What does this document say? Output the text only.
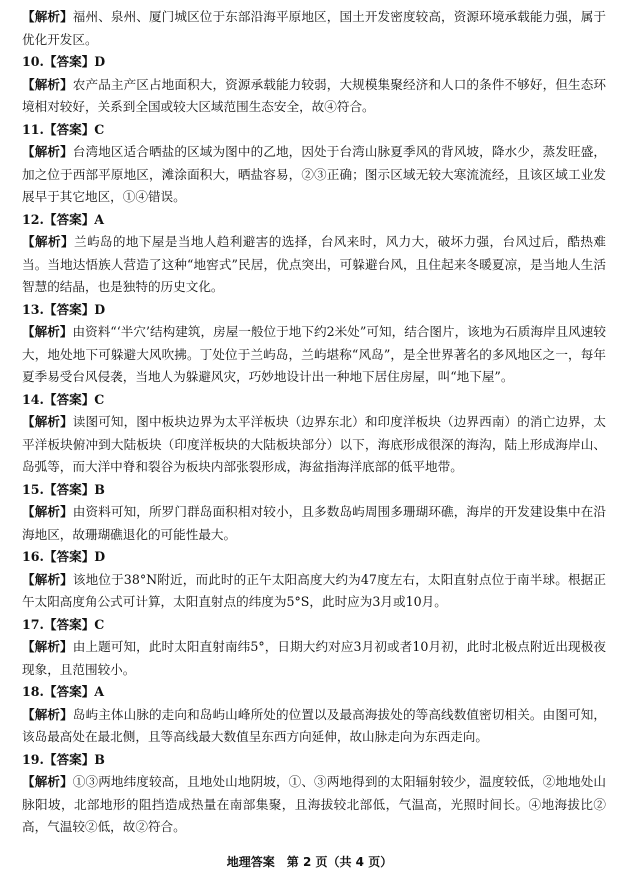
【解析】福州、泉州、厦门城区位于东部沿海平原地区，国土开发密度较高，资源环境承载能力强，属于优化开发区。
10.【答案】D
【解析】农产品主产区占地面积大，资源承载能力较弱，大规模集聚经济和人口的条件不够好，但生态环境相对较好，关系到全国或较大区域范围生态安全，故④符合。
11.【答案】C
【解析】台湾地区适合晒盐的区域为图中的乙地，因处于台湾山脉夏季风的背风坡，降水少，蒸发旺盛，加之位于西部平原地区，滩涂面积大，晒盐容易，②③正确；图示区域无较大寒流流经，且该区域工业发展早于其它地区，①④错误。
12.【答案】A
【解析】兰屿岛的地下屋是当地人趋利避害的选择，台风来时，风力大，破坏力强，台风过后，酷热难当。当地达悟族人营造了这种“地窖式”民居，优点突出，可躲避台风，且住起来冬暖夏凉，是当地人生活智慧的结晶，也是独特的历史文化。
13.【答案】D
【解析】由资料“‘半穴’结构建筑，房屋一般位于地下约2米处”可知，结合图片，该地为石质海岸且风速较大，地处地下可躲避大风吹拂。丁处位于兰屿岛，兰屿堪称“风岛”，是全世界著名的多风地区之一，每年夏季易受台风侵袭，当地人为躲避风灾，巧妙地设计出一种地下居住房屋，叫“地下屋”。
14.【答案】C
【解析】读图可知，图中板块边界为太平洋板块（边界东北）和印度洋板块（边界西南）的消亡边界，太平洋板块俯冲到大陆板块（印度洋板块的大陆板块部分）以下，海底形成很深的海沟，陆上形成海岸山、岛弧等，而大洋中脊和裂谷为板块内部张裂形成，海盆指海洋底部的低平地带。
15.【答案】B
【解析】由资料可知，所罗门群岛面积相对较小，且多数岛屿周围多珊瑚环礁，海岸的开发建设集中在沿海地区，故珊瑚礁退化的可能性最大。
16.【答案】D
【解析】该地位于38°N附近，而此时的正午太阳高度大约为47度左右，太阳直射点位于南半球。根据正午太阳高度角公式可计算，太阳直射点的纬度为5°S，此时应为3月或10月。
17.【答案】C
【解析】由上题可知，此时太阳直射南纬5°，日期大约对应3月初或者10月初，此时北极点附近出现极夜现象，且范围较小。
18.【答案】A
【解析】岛屿主体山脉的走向和岛屿山峰所处的位置以及最高海拔处的等高线数值密切相关。由图可知，该岛最高处在最北侧，且等高线最大数值呈东西方向延伸，故山脉走向为东西走向。
19.【答案】B
【解析】①③两地纬度较高，且地处山地阴坡，①、③两地得到的太阳辐射较少，温度较低，②地地处山脉阳坡，北部地形的阻挡造成热量在南部集聚，且海拔较北部低，气温高，光照时间长。④地海拔比②高，气温较②低，故②符合。
地理答案　第 2 页（共 4 页）
